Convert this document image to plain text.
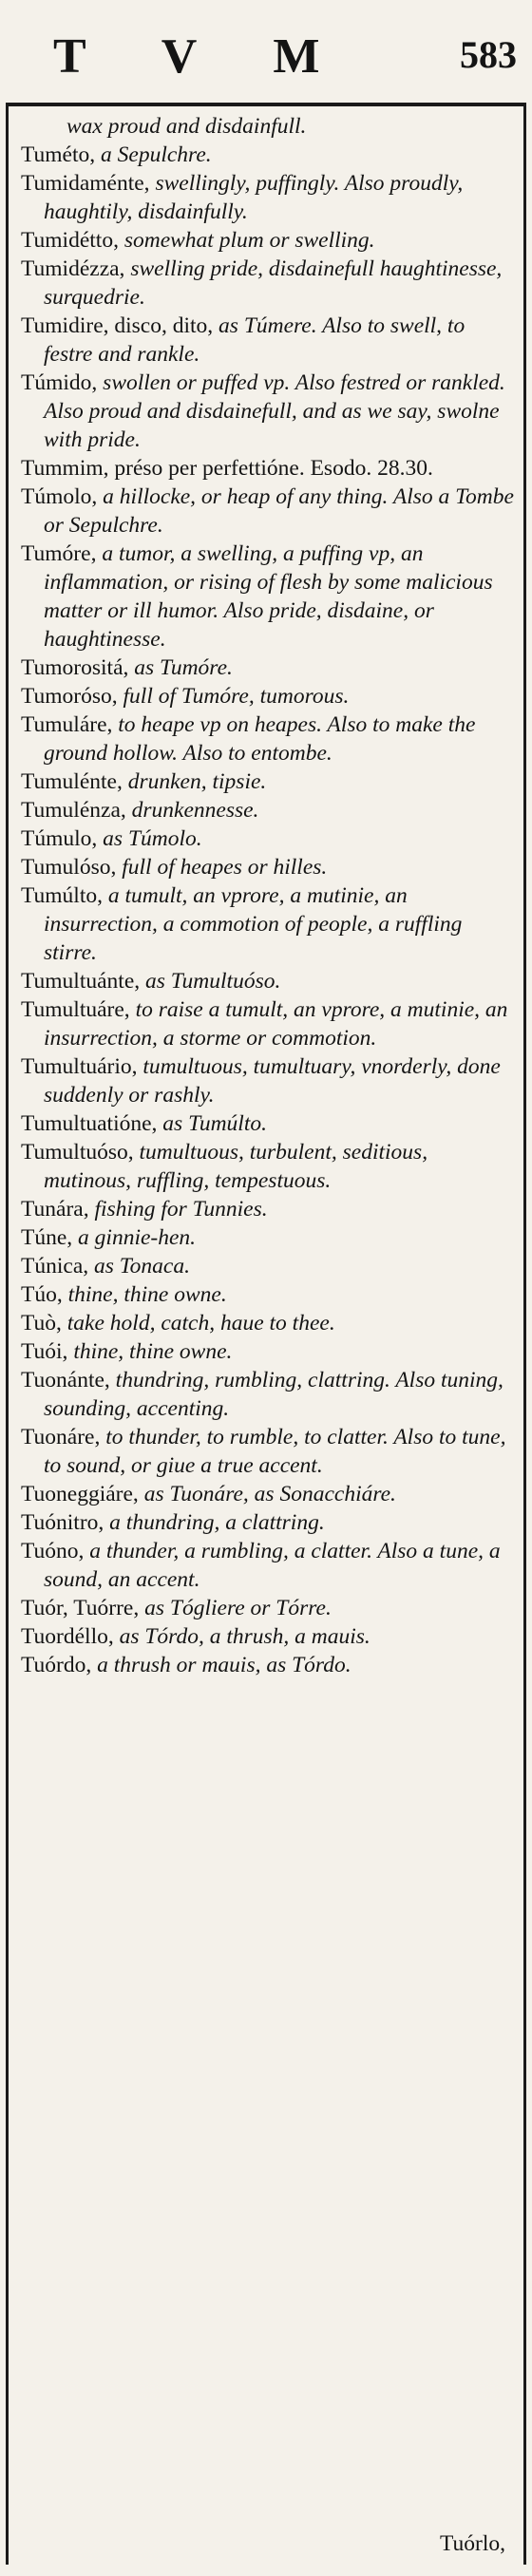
T V M	583

wax proud and disdainfull.

Tuméto, a Sepulchre.

Tumidaménte, swellingly, puffingly. Also proudly, haughtily, disdainfully.

Tumidétto, somewhat plum or swelling.

Tumidézza, swelling pride, disdainefull haughtinesse, surquedrie.

Tumidire, disco, dito, as Túmere. Also to swell, to festre and rankle.

Túmido, swollen or puffed vp. Also festred or rankled. Also proud and disdainefull, and as we say, swolne with pride.

Tummim, préso per perfettióne. Esodo. 28.30.

Túmolo, a hillocke, or heap of any thing. Also a Tombe or Sepulchre.

Tumóre, a tumor, a swelling, a puffing vp, an inflammation, or rising of flesh by some malicious matter or ill humor. Also pride, disdaine, or haughtinesse.

Tumorositá, as Tumóre.

Tumoróso, full of Tumóre, tumorous.

Tumuláre, to heape vp on heapes. Also to make the ground hollow. Also to entombe.

Tumulénte, drunken, tipsie.

Tumulénza, drunkennesse.

Túmulo, as Túmolo.

Tumulóso, full of heapes or hilles.

Tumúlto, a tumult, an vprore, a mutinie, an insurrection, a commotion of people, a ruffling stirre.

Tumultuánte, as Tumultuóso.

Tumultuáre, to raise a tumult, an vprore, a mutinie, an insurrection, a storme or commotion.

Tumultuário, tumultuous, tumultuary, vnorderly, done suddenly or rashly.

Tumultuatióne, as Tumúlto.

Tumultuóso, tumultuous, turbulent, seditious, mutinous, ruffling, tempestuous.

Tunára, fishing for Tunnies.

Túne, a ginnie-hen.

Túnica, as Tonaca.

Túo, thine, thine owne.

Tuò, take hold, catch, haue to thee.

Tuói, thine, thine owne.

Tuonánte, thundring, rumbling, clattring. Also tuning, sounding, accenting.

Tuonáre, to thunder, to rumble, to clatter. Also to tune, to sound, or giue a true accent.

Tuoneggiáre, as Tuonáre, as Sonacchiáre.

Tuónitro, a thundring, a clattring.

Tuóno, a thunder, a rumbling, a clatter. Also a tune, a sound, an accent.

Tuór, Tuórre, as Tógliere or Tórre.

Tuordéllo, as Tórdo, a thrush, a mauis.

Tuórdo, a thrush or mauis, as Tórdo.

Tuórlo,
